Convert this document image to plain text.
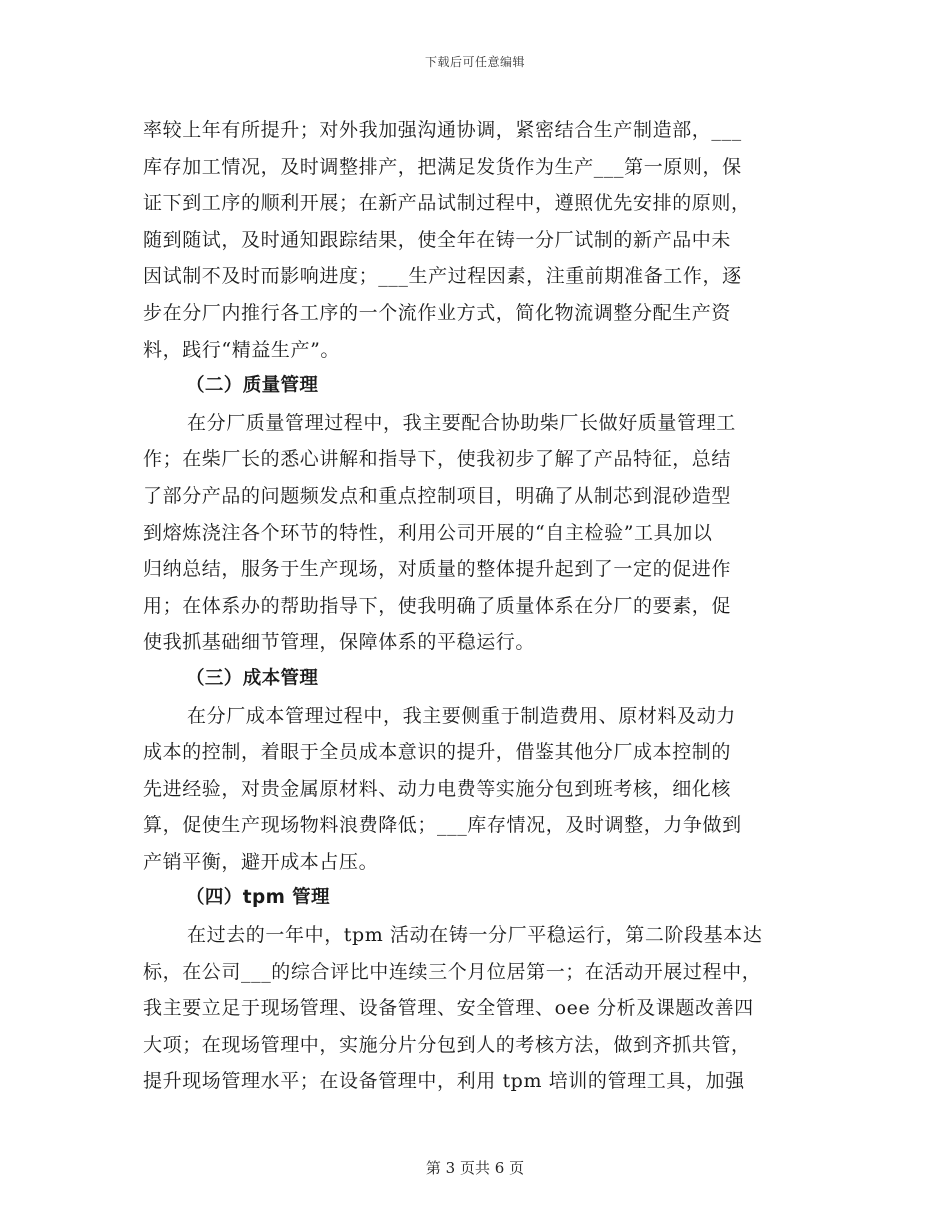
下载后可任意编辑

率较上年有所提升；对外我加强沟通协调，紧密结合生产制造部，___
库存加工情况，及时调整排产，把满足发货作为生产___第一原则，保
证下到工序的顺利开展；在新产品试制过程中，遵照优先安排的原则，
随到随试，及时通知跟踪结果，使全年在铸一分厂试制的新产品中未
因试制不及时而影响进度；___生产过程因素，注重前期准备工作，逐
步在分厂内推行各工序的一个流作业方式，简化物流调整分配生产资
料，践行“精益生产”。

（二）质量管理

在分厂质量管理过程中，我主要配合协助柴厂长做好质量管理工
作；在柴厂长的悉心讲解和指导下，使我初步了解了产品特征，总结
了部分产品的问题频发点和重点控制项目，明确了从制芯到混砂造型
到熔炼浇注各个环节的特性，利用公司开展的“自主检验”工具加以
归纳总结，服务于生产现场，对质量的整体提升起到了一定的促进作
用；在体系办的帮助指导下，使我明确了质量体系在分厂的要素，促
使我抓基础细节管理，保障体系的平稳运行。

（三）成本管理

在分厂成本管理过程中，我主要侧重于制造费用、原材料及动力
成本的控制，着眼于全员成本意识的提升，借鉴其他分厂成本控制的
先进经验，对贵金属原材料、动力电费等实施分包到班考核，细化核
算，促使生产现场物料浪费降低；___库存情况，及时调整，力争做到
产销平衡，避开成本占压。

（四）tpm 管理

在过去的一年中，tpm 活动在铸一分厂平稳运行，第二阶段基本达
标，在公司___的综合评比中连续三个月位居第一；在活动开展过程中，
我主要立足于现场管理、设备管理、安全管理、oee 分析及课题改善四
大项；在现场管理中，实施分片分包到人的考核方法，做到齐抓共管，
提升现场管理水平；在设备管理中，利用 tpm 培训的管理工具，加强

第 3 页共 6 页
